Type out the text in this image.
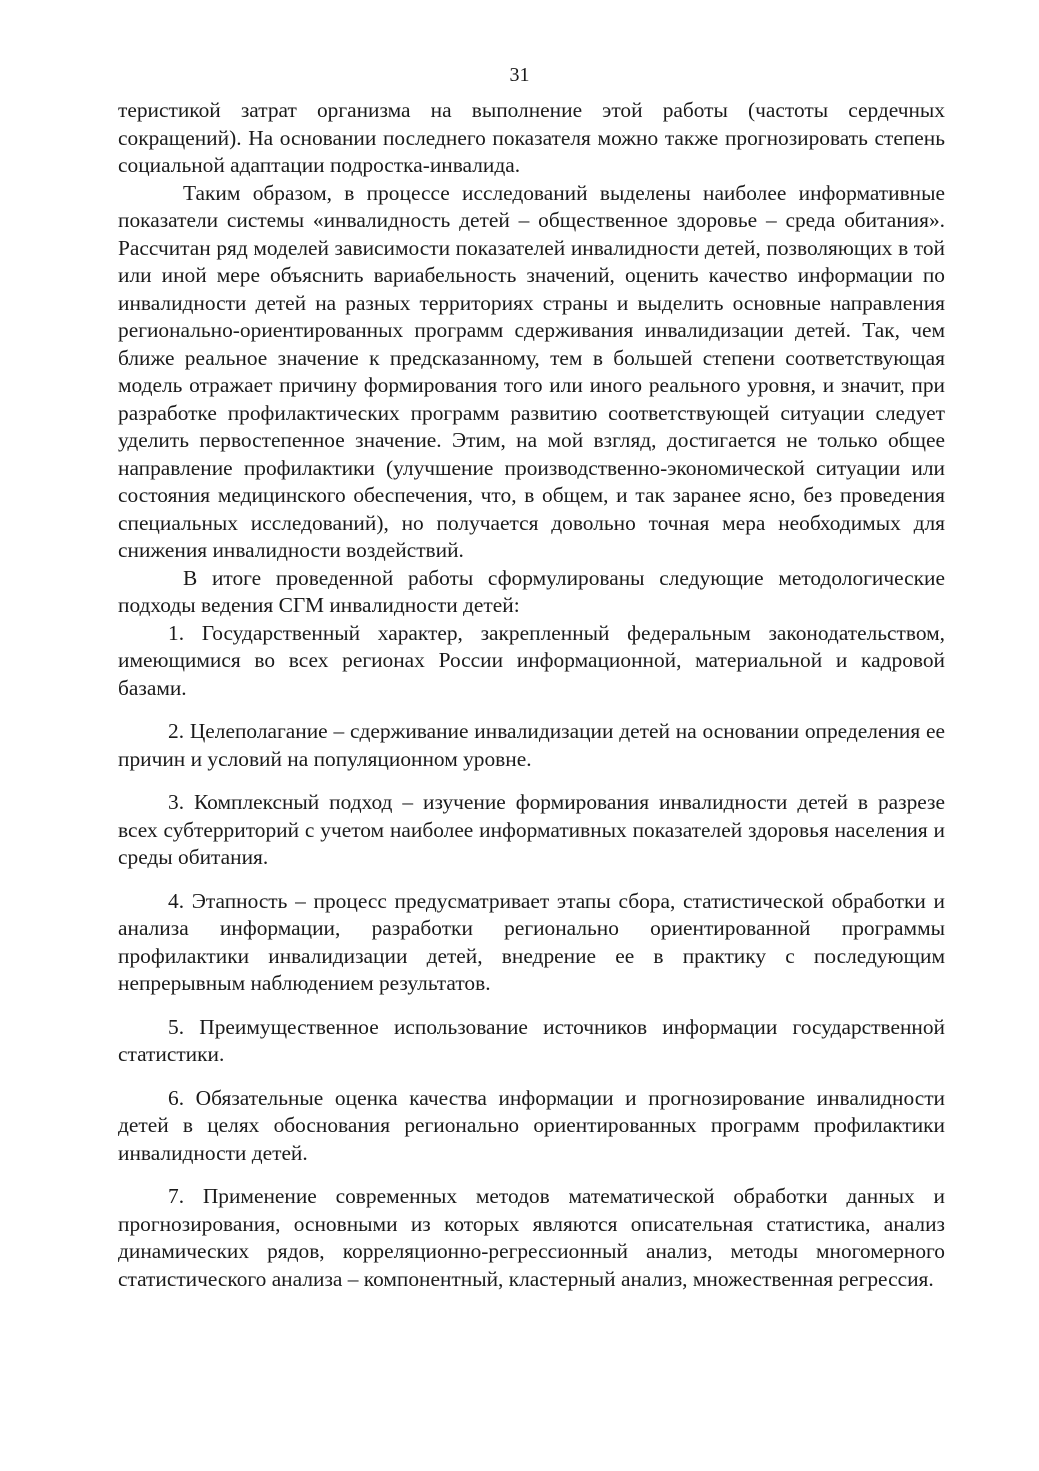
31

теристикой затрат организма на выполнение этой работы (частоты сердечных сокращений). На основании последнего показателя можно также прогнозировать степень социальной адаптации подростка-инвалида.

Таким образом, в процессе исследований выделены наиболее информативные показатели системы «инвалидность детей – общественное здоровье – среда обитания». Рассчитан ряд моделей зависимости показателей инвалидности детей, позволяющих в той или иной мере объяснить вариабельность значений, оценить качество информации по инвалидности детей на разных территориях страны и выделить основные направления регионально-ориентированных программ сдерживания инвалидизации детей. Так, чем ближе реальное значение к предсказанному, тем в большей степени соответствующая модель отражает причину формирования того или иного реального уровня, и значит, при разработке профилактических программ развитию соответствующей ситуации следует уделить первостепенное значение. Этим, на мой взгляд, достигается не только общее направление профилактики (улучшение производственно-экономической ситуации или состояния медицинского обеспечения, что, в общем, и так заранее ясно, без проведения специальных исследований), но получается довольно точная мера необходимых для снижения инвалидности воздействий.

В итоге проведенной работы сформулированы следующие методологические подходы ведения СГМ инвалидности детей:

1. Государственный характер, закрепленный федеральным законодательством, имеющимися во всех регионах России информационной, материальной и кадровой базами.

2. Целеполагание – сдерживание инвалидизации детей на основании определения ее причин и условий на популяционном уровне.

3. Комплексный подход – изучение формирования инвалидности детей в разрезе всех субтерриторий с учетом наиболее информативных показателей здоровья населения и среды обитания.

4. Этапность – процесс предусматривает этапы сбора, статистической обработки и анализа информации, разработки регионально ориентированной программы профилактики инвалидизации детей, внедрение ее в практику с последующим непрерывным наблюдением результатов.

5. Преимущественное использование источников информации государственной статистики.

6. Обязательные оценка качества информации и прогнозирование инвалидности детей в целях обоснования регионально ориентированных программ профилактики инвалидности детей.

7. Применение современных методов математической обработки данных и прогнозирования, основными из которых являются описательная статистика, анализ динамических рядов, корреляционно-регрессионный анализ, методы многомерного статистического анализа – компонентный, кластерный анализ, множественная регрессия.
